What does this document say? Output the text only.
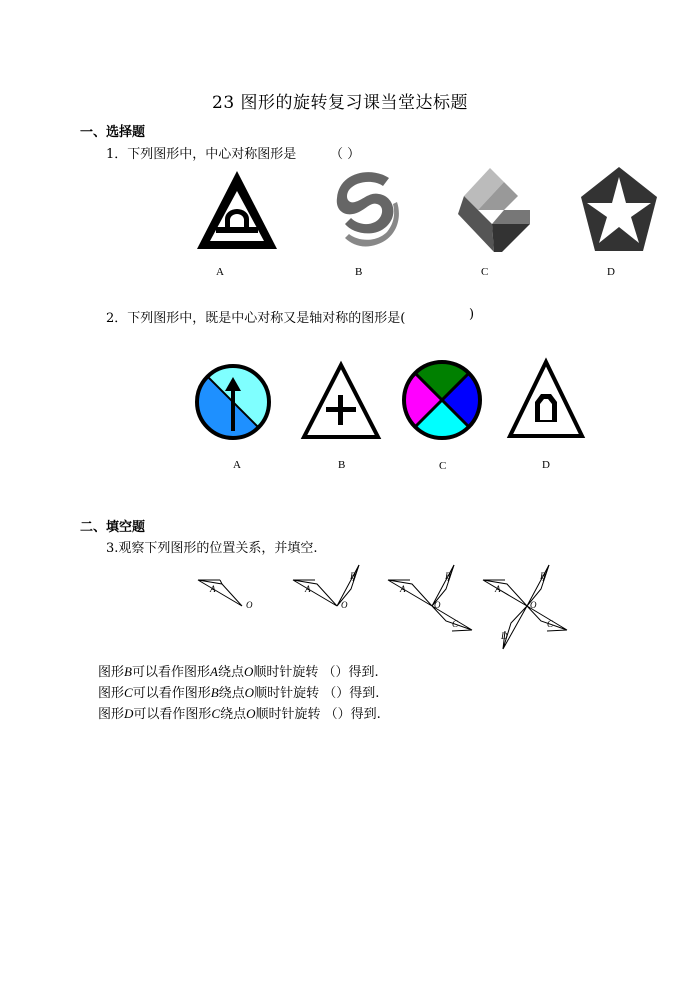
23 图形的旋转复习课当堂达标题
一、选择题
1．下列图形中，中心对称图形是	（ ）
A	B	C	D
2．下列图形中，既是中心对称又是轴对称的图形是(	)
A	B	C	D
二、填空题
3.观察下列图形的位置关系，并填空.
A
O
A
B
O
A
B
C
O
A
B
C
D
O
图形B可以看作图形A绕点O顺时针旋转 （）得到.
图形C可以看作图形B绕点O顺时针旋转 （）得到.
图形D可以看作图形C绕点O顺时针旋转 （）得到.
